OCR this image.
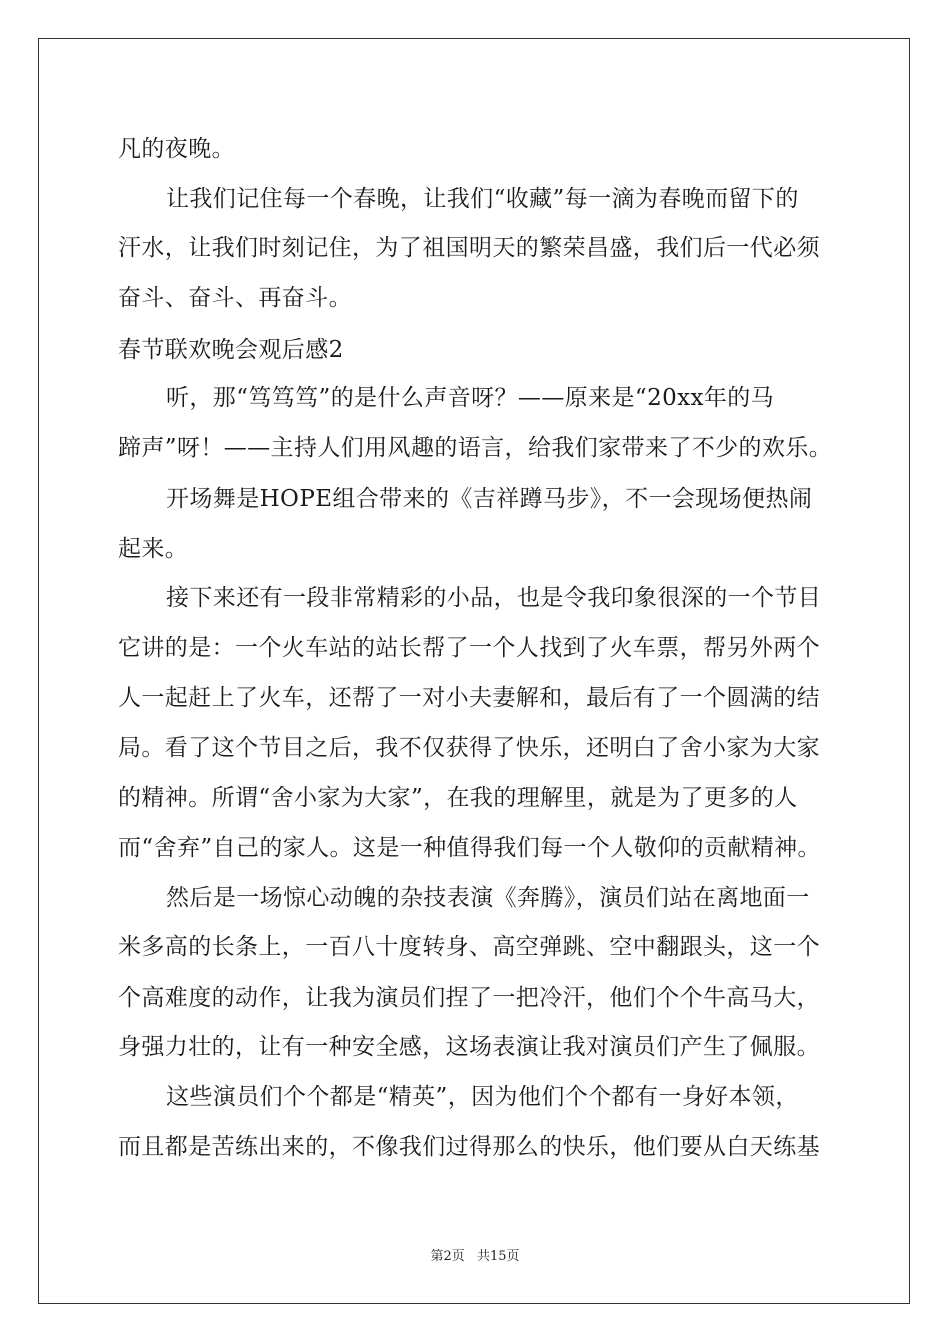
凡的夜晚。
让我们记住每一个春晚，让我们“收藏”每一滴为春晚而留下的
汗水，让我们时刻记住，为了祖国明天的繁荣昌盛，我们后一代必须
奋斗、奋斗、再奋斗。
春节联欢晚会观后感2
听，那“笃笃笃”的是什么声音呀？——原来是“20xx年的马
蹄声”呀！——主持人们用风趣的语言，给我们家带来了不少的欢乐。
开场舞是HOPE组合带来的《吉祥蹲马步》，不一会现场便热闹
起来。
接下来还有一段非常精彩的小品，也是令我印象很深的一个节目
它讲的是：一个火车站的站长帮了一个人找到了火车票，帮另外两个
人一起赶上了火车，还帮了一对小夫妻解和，最后有了一个圆满的结
局。看了这个节目之后，我不仅获得了快乐，还明白了舍小家为大家
的精神。所谓“舍小家为大家”，在我的理解里，就是为了更多的人
而“舍弃”自己的家人。这是一种值得我们每一个人敬仰的贡献精神。
然后是一场惊心动魄的杂技表演《奔腾》，演员们站在离地面一
米多高的长条上，一百八十度转身、高空弹跳、空中翻跟头，这一个
个高难度的动作，让我为演员们捏了一把冷汗，他们个个牛高马大，
身强力壮的，让有一种安全感，这场表演让我对演员们产生了佩服。
这些演员们个个都是“精英”，因为他们个个都有一身好本领，
而且都是苦练出来的，不像我们过得那么的快乐，他们要从白天练基
第2页 共15页
